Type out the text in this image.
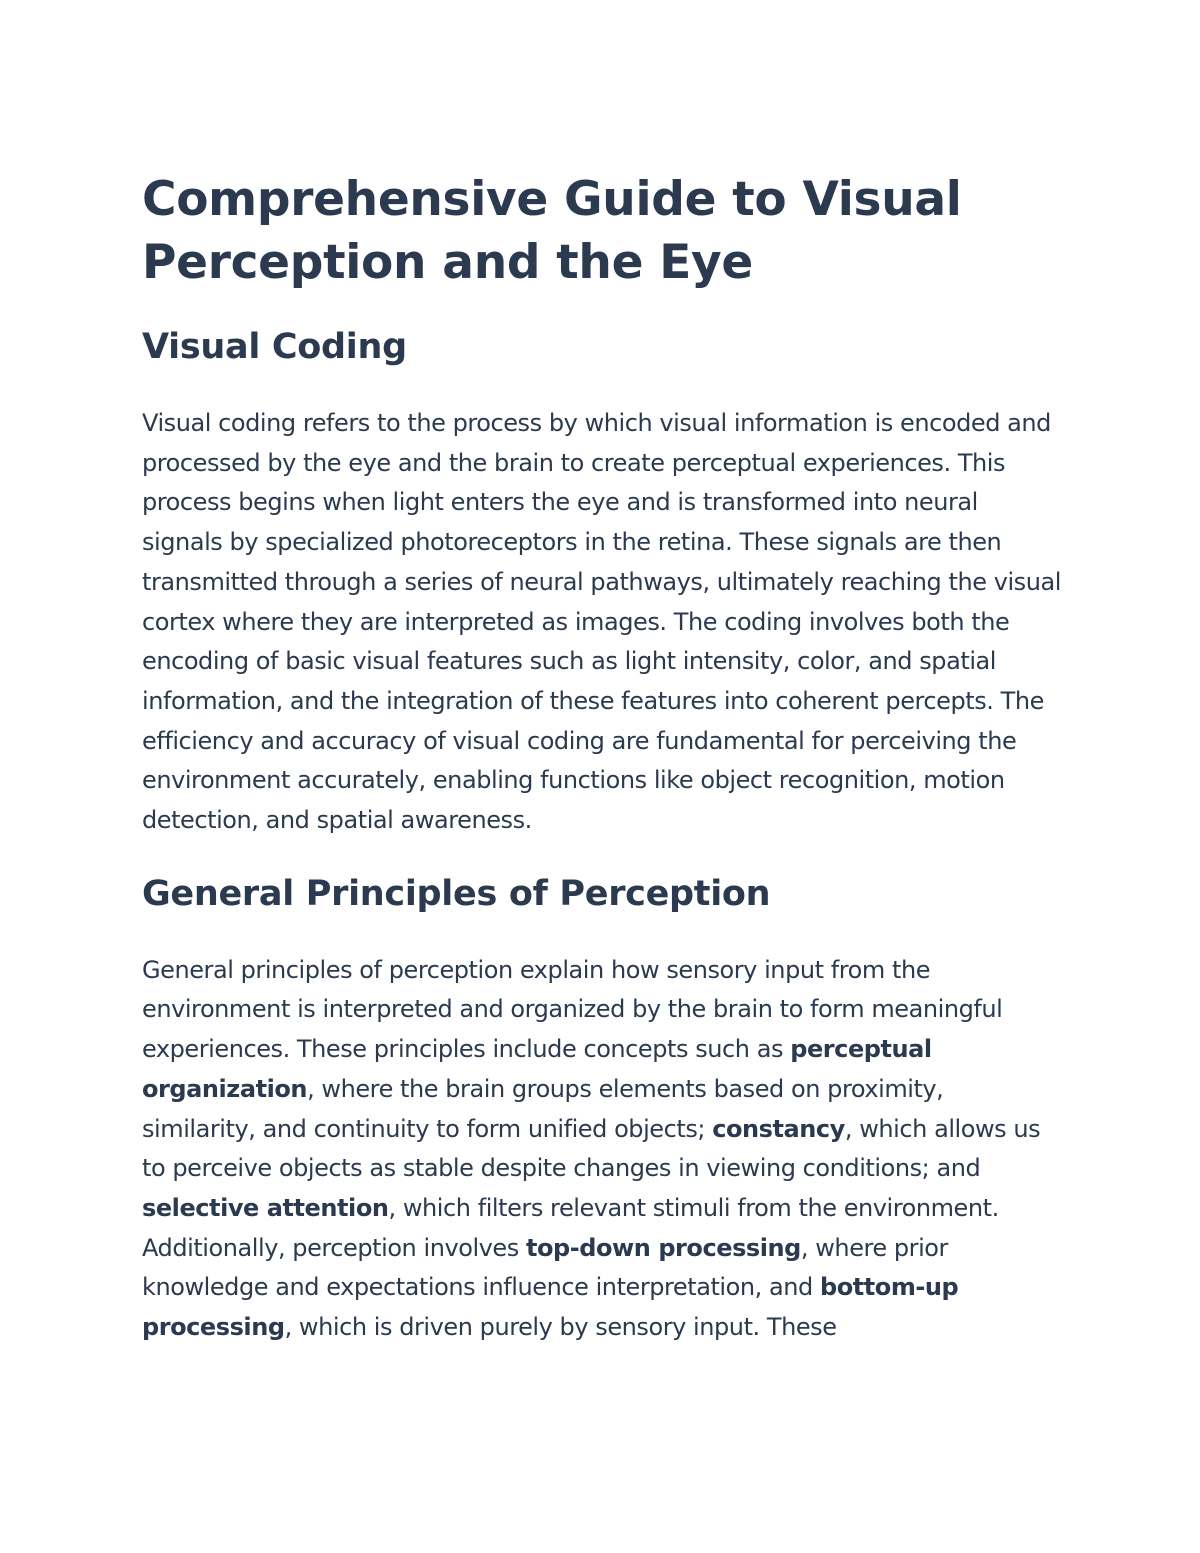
Comprehensive Guide to Visual Perception and the Eye
Visual Coding

Visual coding refers to the process by which visual information is encoded and processed by the eye and the brain to create perceptual experiences. This process begins when light enters the eye and is transformed into neural signals by specialized photoreceptors in the retina. These signals are then transmitted through a series of neural pathways, ultimately reaching the visual cortex where they are interpreted as images. The coding involves both the encoding of basic visual features such as light intensity, color, and spatial information, and the integration of these features into coherent percepts. The efficiency and accuracy of visual coding are fundamental for perceiving the environment accurately, enabling functions like object recognition, motion detection, and spatial awareness.

General Principles of Perception

General principles of perception explain how sensory input from the environment is interpreted and organized by the brain to form meaningful experiences. These principles include concepts such as perceptual organization, where the brain groups elements based on proximity, similarity, and continuity to form unified objects; constancy, which allows us to perceive objects as stable despite changes in viewing conditions; and selective attention, which filters relevant stimuli from the environment. Additionally, perception involves top-down processing, where prior knowledge and expectations influence interpretation, and bottom-up processing, which is driven purely by sensory input. These
